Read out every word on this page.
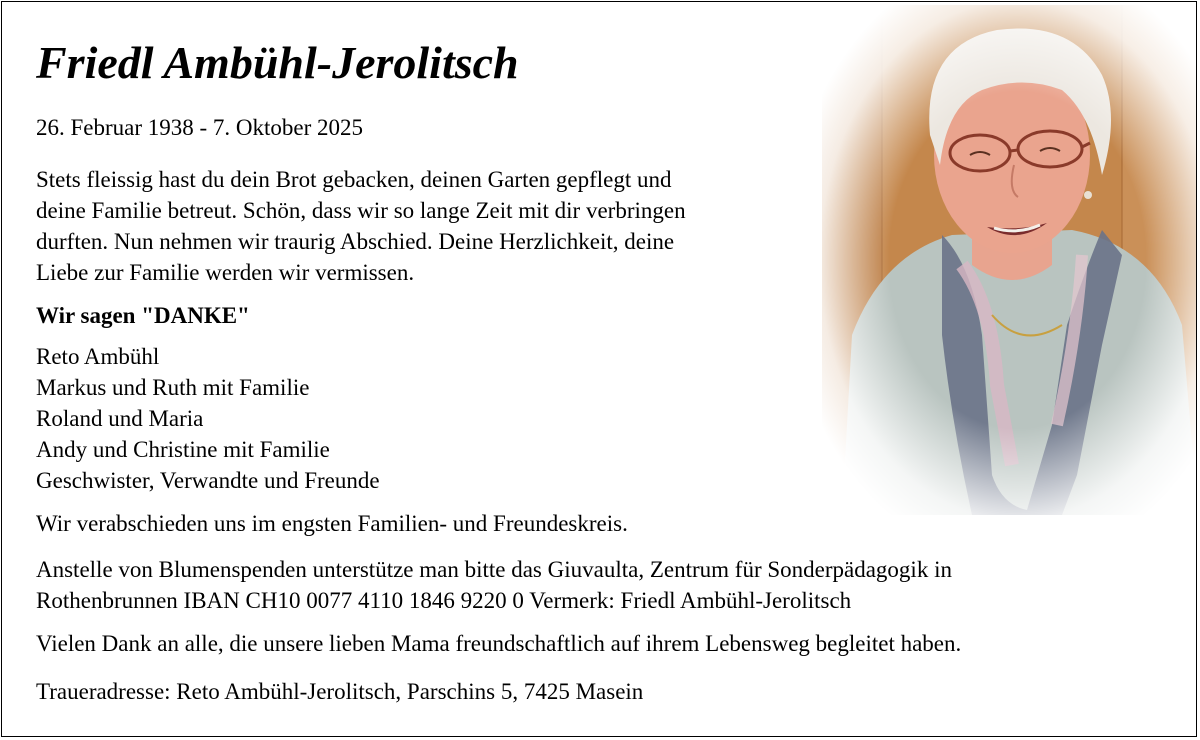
Friedl Ambühl-Jerolitsch
26. Februar 1938 - 7. Oktober 2025
Stets fleissig hast du dein Brot gebacken, deinen Garten gepflegt und
deine Familie betreut. Schön, dass wir so lange Zeit mit dir verbringen
durften. Nun nehmen wir traurig Abschied. Deine Herzlichkeit, deine
Liebe zur Familie werden wir vermissen.
Wir sagen "DANKE"
Reto Ambühl
Markus und Ruth mit Familie
Roland und Maria
Andy und Christine mit Familie
Geschwister, Verwandte und Freunde
Wir verabschieden uns im engsten Familien- und Freundeskreis.
Anstelle von Blumenspenden unterstütze man bitte das Giuvaulta, Zentrum für Sonderpädagogik in
Rothenbrunnen IBAN CH10 0077 4110 1846 9220 0 Vermerk: Friedl Ambühl-Jerolitsch
Vielen Dank an alle, die unsere lieben Mama freundschaftlich auf ihrem Lebensweg begleitet haben.
Traueradresse: Reto Ambühl-Jerolitsch, Parschins 5, 7425 Masein
